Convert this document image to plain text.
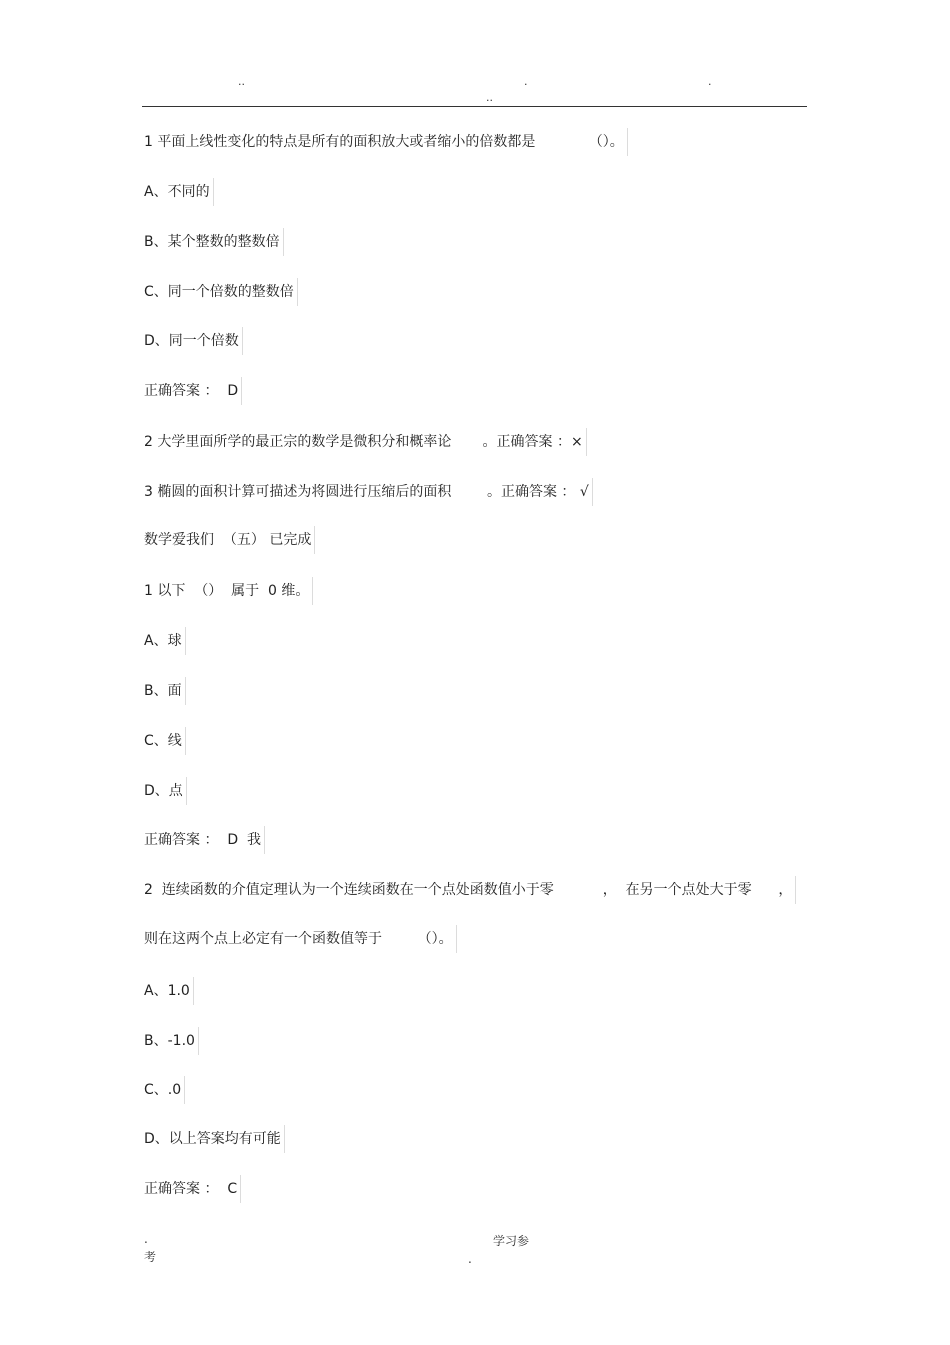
..	.	.
..
1 平面上线性变化的特点是所有的面积放大或者缩小的倍数都是            （）。
A、不同的
B、某个整数的整数倍
C、同一个倍数的整数倍
D、同一个倍数
正确答案 ：  D
2 大学里面所学的最正宗的数学是微积分和概率论       。正确答案 ：×
3 椭圆的面积计算可描述为将圆进行压缩后的面积        。正确答案 ： √
数学爱我们  （五） 已完成
1 以下  （）  属于  0 维。
A、球
B、面
C、线
D、点
正确答案 ：  D  我
2  连续函数的介值定理认为一个连续函数在一个点处函数值小于零           ，  在另一个点处大于零      ，
则在这两个点上必定有一个函数值等于        （）。
A、1.0
B、-1.0
C、.0
D、以上答案均有可能
正确答案 ：  C
.	学习参
考	.
